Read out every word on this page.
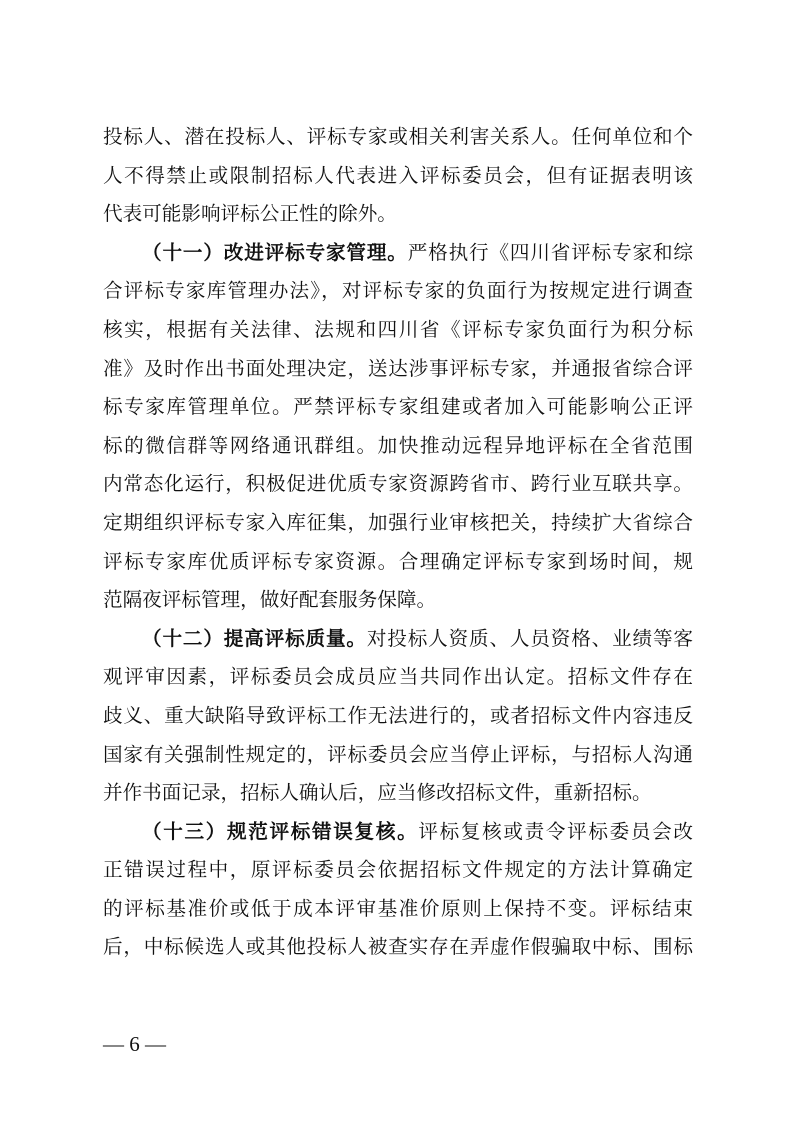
投标人、潜在投标人、评标专家或相关利害关系人。任何单位和个
人不得禁止或限制招标人代表进入评标委员会，但有证据表明该
代表可能影响评标公正性的除外。
（十一）改进评标专家管理。严格执行《四川省评标专家和综
合评标专家库管理办法》，对评标专家的负面行为按规定进行调查
核实，根据有关法律、法规和四川省《评标专家负面行为积分标
准》及时作出书面处理决定，送达涉事评标专家，并通报省综合评
标专家库管理单位。严禁评标专家组建或者加入可能影响公正评
标的微信群等网络通讯群组。加快推动远程异地评标在全省范围
内常态化运行，积极促进优质专家资源跨省市、跨行业互联共享。
定期组织评标专家入库征集，加强行业审核把关，持续扩大省综合
评标专家库优质评标专家资源。合理确定评标专家到场时间，规
范隔夜评标管理，做好配套服务保障。
（十二）提高评标质量。对投标人资质、人员资格、业绩等客
观评审因素，评标委员会成员应当共同作出认定。招标文件存在
歧义、重大缺陷导致评标工作无法进行的，或者招标文件内容违反
国家有关强制性规定的，评标委员会应当停止评标，与招标人沟通
并作书面记录，招标人确认后，应当修改招标文件，重新招标。
（十三）规范评标错误复核。评标复核或责令评标委员会改
正错误过程中，原评标委员会依据招标文件规定的方法计算确定
的评标基准价或低于成本评审基准价原则上保持不变。评标结束
后，中标候选人或其他投标人被查实存在弄虚作假骗取中标、围标
— 6 —
